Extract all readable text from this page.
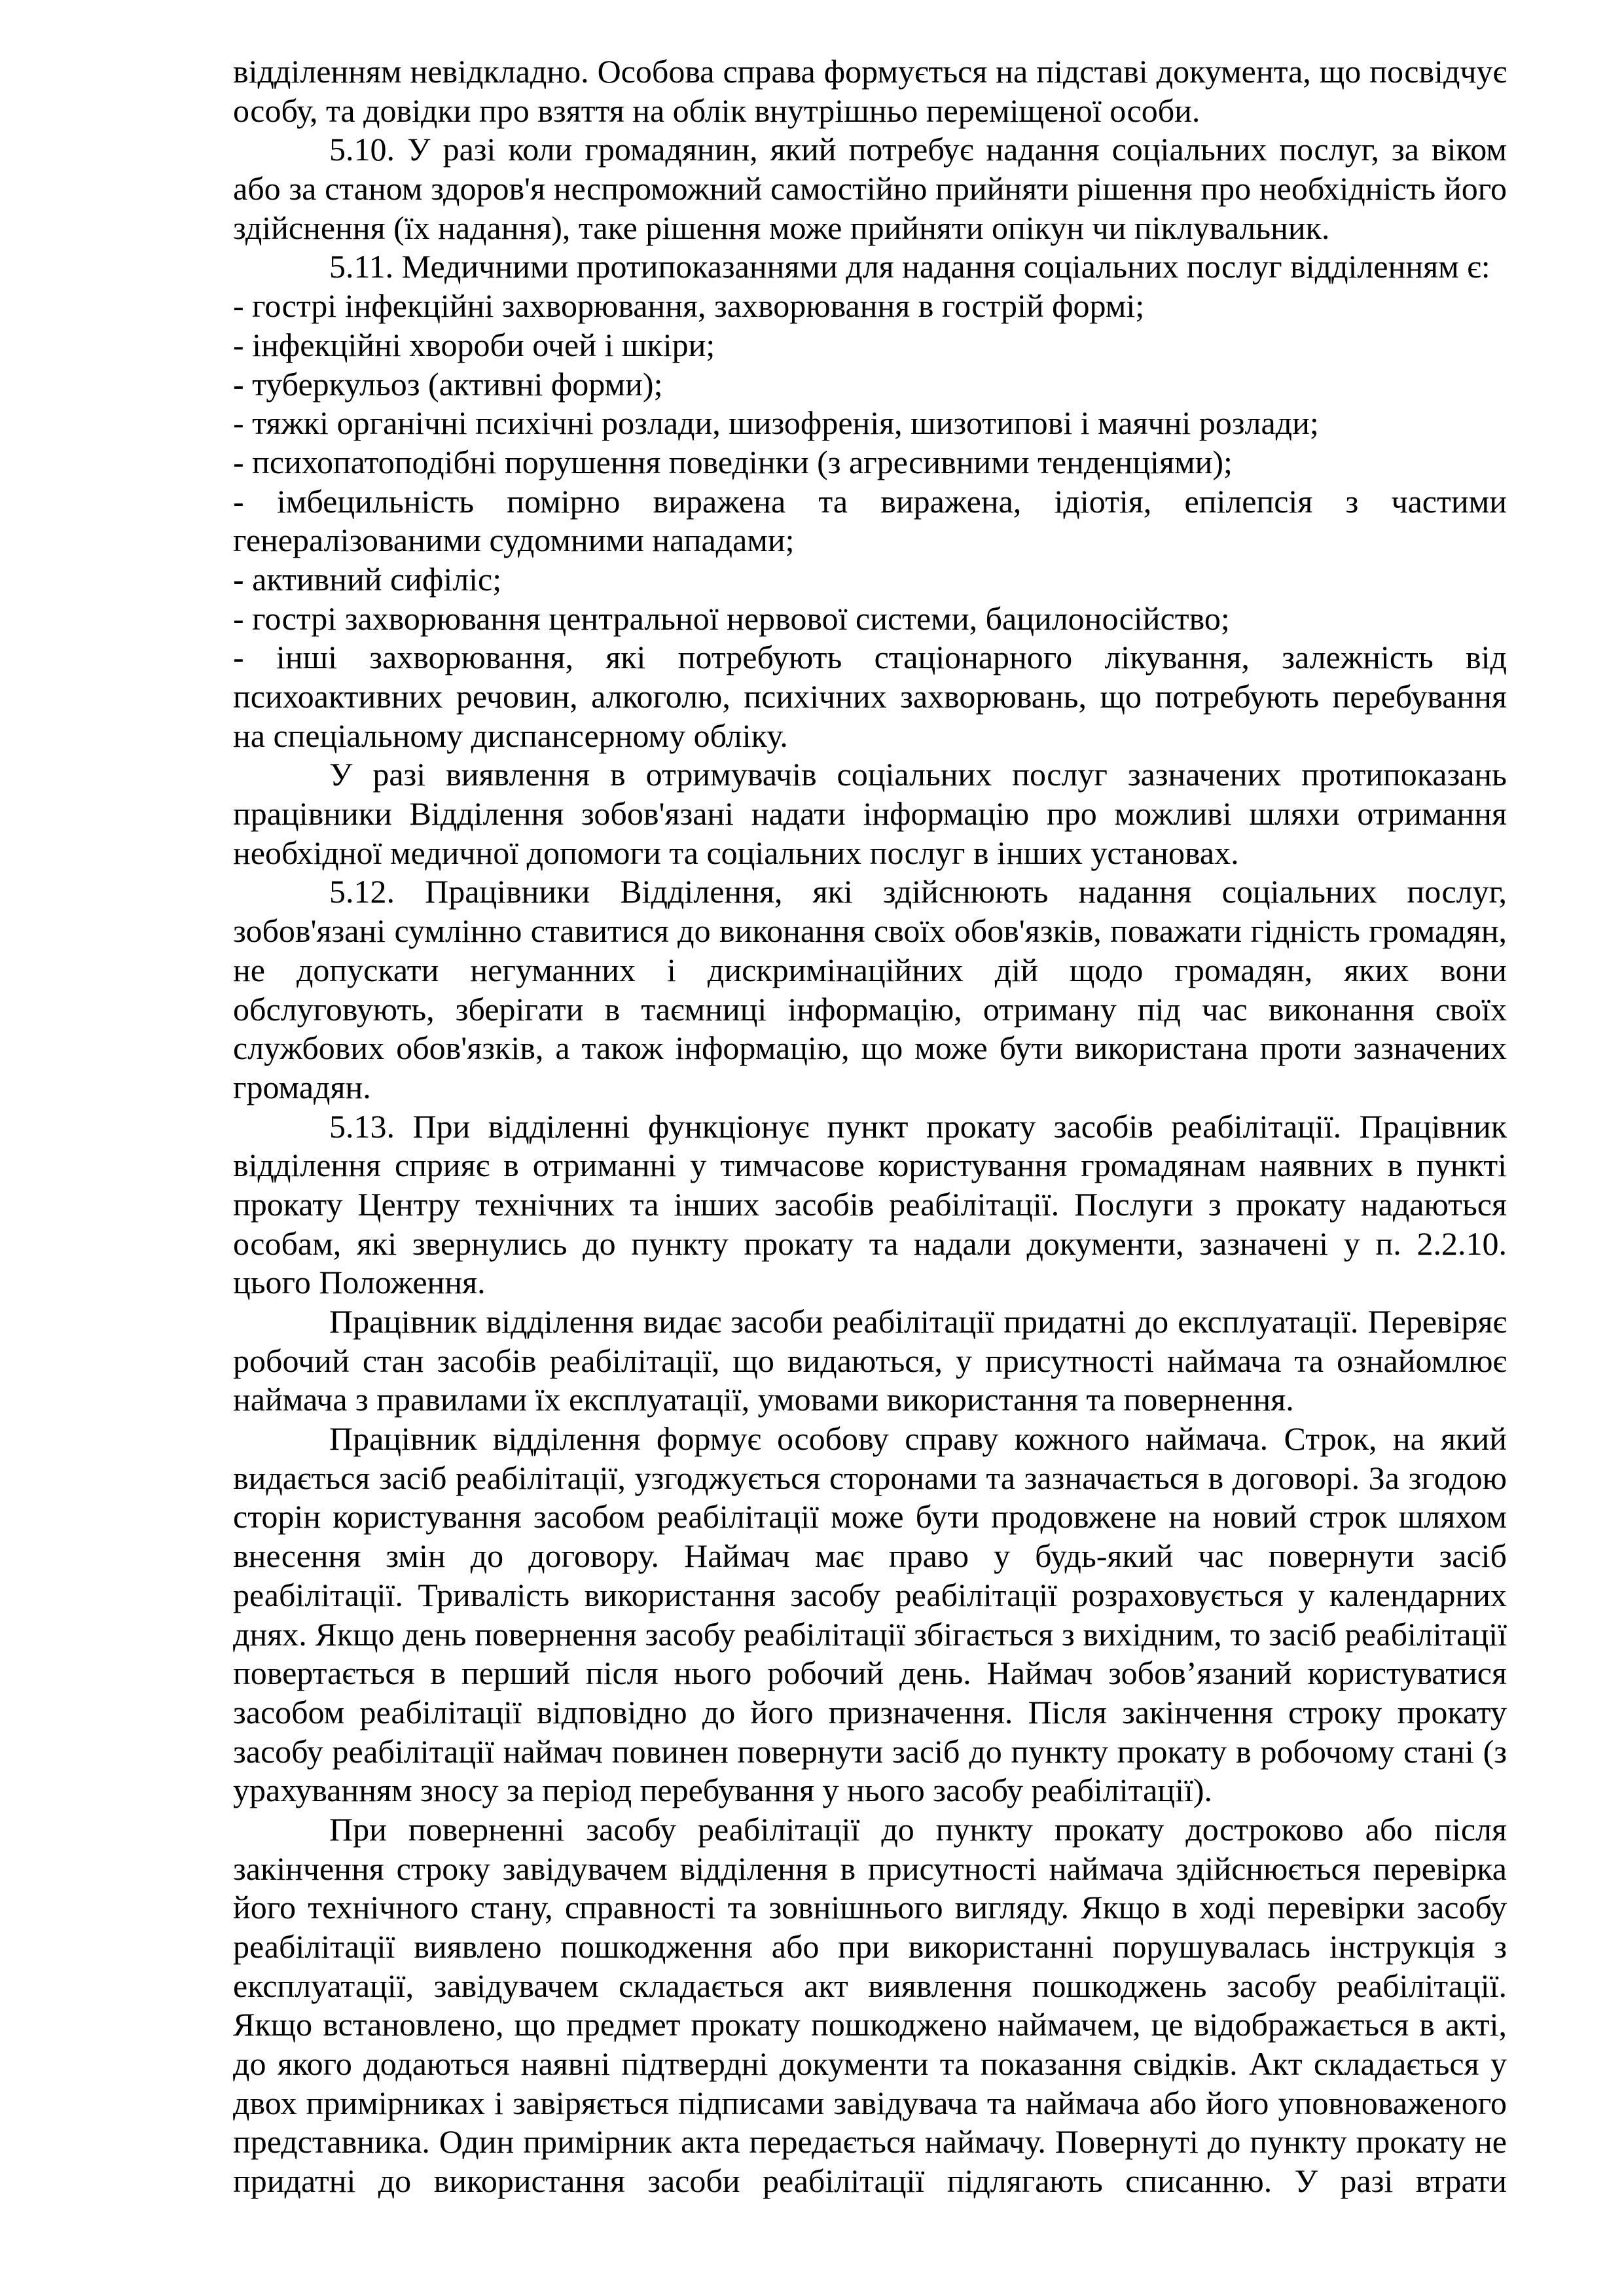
відділенням невідкладно. Особова справа формується на підставі документа, що посвідчує
особу, та довідки про взяття на облік внутрішньо переміщеної особи.
5.10. У разі коли громадянин, який потребує надання соціальних послуг, за віком
або за станом здоров'я неспроможний самостійно прийняти рішення про необхідність його
здійснення (їх надання), таке рішення може прийняти опікун чи піклувальник.
5.11. Медичними протипоказаннями для надання соціальних послуг відділенням є:
- гострі інфекційні захворювання, захворювання в гострій формі;
- інфекційні хвороби очей і шкіри;
- туберкульоз (активні форми);
- тяжкі органічні психічні розлади, шизофренія, шизотипові і маячні розлади;
- психопатоподібні порушення поведінки (з агресивними тенденціями);
- імбецильність помірно виражена та виражена, ідіотія, епілепсія з частими
генералізованими судомними нападами;
- активний сифіліс;
- гострі захворювання центральної нервової системи, бацилоносійство;
- інші захворювання, які потребують стаціонарного лікування, залежність від
психоактивних речовин, алкоголю, психічних захворювань, що потребують перебування
на спеціальному диспансерному обліку.
У разі виявлення в отримувачів соціальних послуг зазначених протипоказань
працівники Відділення зобов'язані надати інформацію про можливі шляхи отримання
необхідної медичної допомоги та соціальних послуг в інших установах.
5.12. Працівники Відділення, які здійснюють надання соціальних послуг,
зобов'язані сумлінно ставитися до виконання своїх обов'язків, поважати гідність громадян,
не допускати негуманних і дискримінаційних дій щодо громадян, яких вони
обслуговують, зберігати в таємниці інформацію, отриману під час виконання своїх
службових обов'язків, а також інформацію, що може бути використана проти зазначених
громадян.
5.13. При відділенні функціонує пункт прокату засобів реабілітації. Працівник
відділення сприяє в отриманні у тимчасове користування громадянам наявних в пункті
прокату Центру технічних та інших засобів реабілітації. Послуги з прокату надаються
особам, які звернулись до пункту прокату та надали документи, зазначені у п. 2.2.10.
цього Положення.
Працівник відділення видає засоби реабілітації придатні до експлуатації. Перевіряє
робочий стан засобів реабілітації, що видаються, у присутності наймача та ознайомлює
наймача з правилами їх експлуатації, умовами використання та повернення.
Працівник відділення формує особову справу кожного наймача. Строк, на який
видається засіб реабілітації, узгоджується сторонами та зазначається в договорі. За згодою
сторін користування засобом реабілітації може бути продовжене на новий строк шляхом
внесення змін до договору. Наймач має право у будь-який час повернути засіб
реабілітації. Тривалість використання засобу реабілітації розраховується у календарних
днях. Якщо день повернення засобу реабілітації збігається з вихідним, то засіб реабілітації
повертається в перший після нього робочий день. Наймач зобов’язаний користуватися
засобом реабілітації відповідно до його призначення. Після закінчення строку прокату
засобу реабілітації наймач повинен повернути засіб до пункту прокату в робочому стані (з
урахуванням зносу за період перебування у нього засобу реабілітації).
При поверненні засобу реабілітації до пункту прокату достроково або після
закінчення строку завідувачем відділення в присутності наймача здійснюється перевірка
його технічного стану, справності та зовнішнього вигляду. Якщо в ході перевірки засобу
реабілітації виявлено пошкодження або при використанні порушувалась інструкція з
експлуатації, завідувачем складається акт виявлення пошкоджень засобу реабілітації.
Якщо встановлено, що предмет прокату пошкоджено наймачем, це відображається в акті,
до якого додаються наявні підтвердні документи та показання свідків. Акт складається у
двох примірниках і завіряється підписами завідувача та наймача або його уповноваженого
представника. Один примірник акта передається наймачу. Повернуті до пункту прокату не
придатні до використання засоби реабілітації підлягають списанню. У разі втрати
